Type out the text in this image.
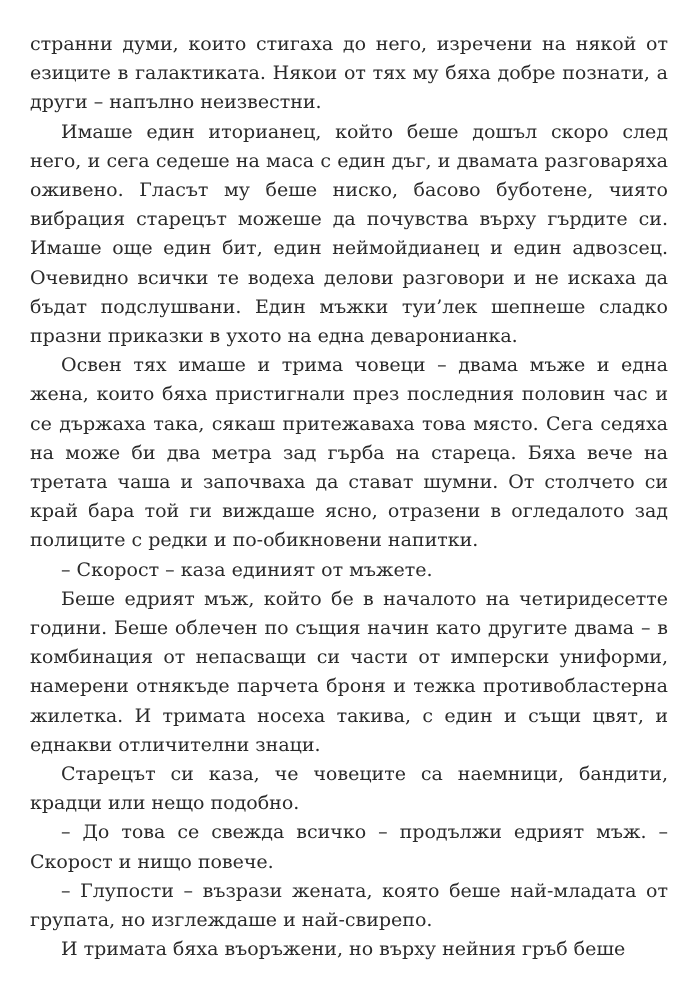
странни думи, които стигаха до него, изречени на някой от езиците в галактиката. Някои от тях му бяха добре познати, а други – напълно неизвестни.

Имаше един иторианец, който беше дошъл скоро след него, и сега седеше на маса с един дъг, и двамата разговаряха оживено. Гласът му беше ниско, басово буботене, чиято вибрация старецът можеше да почувства върху гърдите си. Имаше още един бит, един неймойдианец и един адвозсец. Очевидно всички те водеха делови разговори и не искаха да бъдат подслушвани. Един мъжки туи’лек шепнеше сладко празни приказки в ухото на една деваронианка.

Освен тях имаше и трима човеци – двама мъже и една жена, които бяха пристигнали през последния половин час и се държаха така, сякаш притежаваха това място. Сега седяха на може би два метра зад гърба на стареца. Бяха вече на третата чаша и започваха да стават шумни. От столчето си край бара той ги виждаше ясно, отразени в огледалото зад полиците с редки и по-обикновени напитки.

– Скорост – каза единият от мъжете.

Беше едрият мъж, който бе в началото на четиридесетте години. Беше облечен по същия начин като другите двама – в комбинация от непасващи си части от имперски униформи, намерени отнякъде парчета броня и тежка противобластерна жилетка. И тримата носеха такива, с един и същи цвят, и еднакви отличителни знаци.

Старецът си каза, че човеците са наемници, бандити, крадци или нещо подобно.

– До това се свежда всичко – продължи едрият мъж. – Скорост и нищо повече.

– Глупости – възрази жената, която беше най-младата от групата, но изглеждаше и най-свирепо.

И тримата бяха въоръжени, но върху нейния гръб беше
